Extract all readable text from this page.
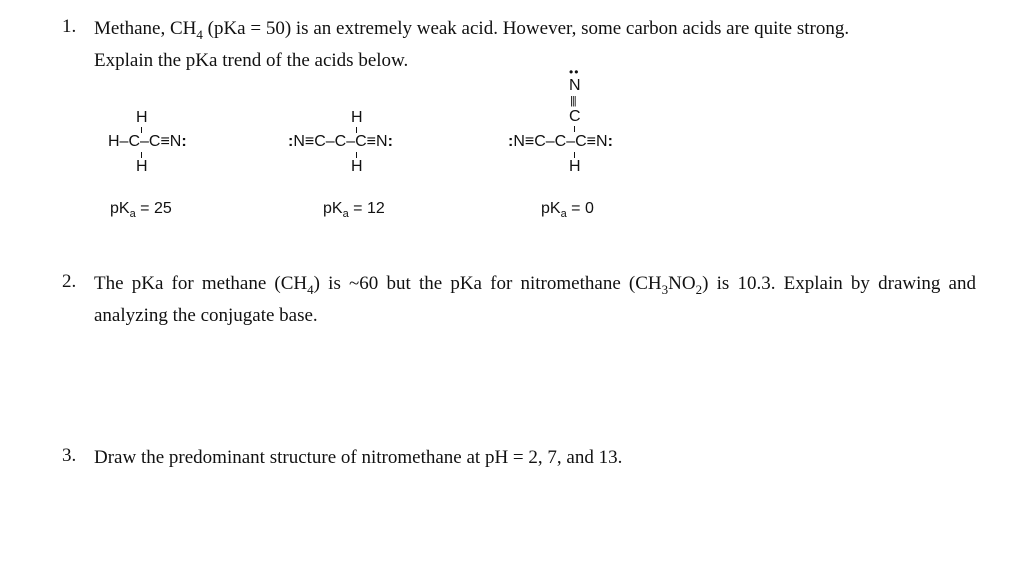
1. Methane, $CH_4$ (pKa = 50) is an extremely weak acid. However, some carbon acids are quite strong.
Explain the pKa trend of the acids below.
H
H–C–C≡N:
H
$pK_a = 25$
H
:N≡C–C–C≡N:
H
$pK_a = 12$
••
N
|||
C
:N≡C–C–C≡N:
H
$pK_a = 0$
2. The pKa for methane $(CH_4)$ is ~60 but the pKa for nitromethane $(CH_3NO_2)$ is 10.3. Explain by drawing and analyzing the conjugate base.
3. Draw the predominant structure of nitromethane at pH = 2, 7, and 13.
